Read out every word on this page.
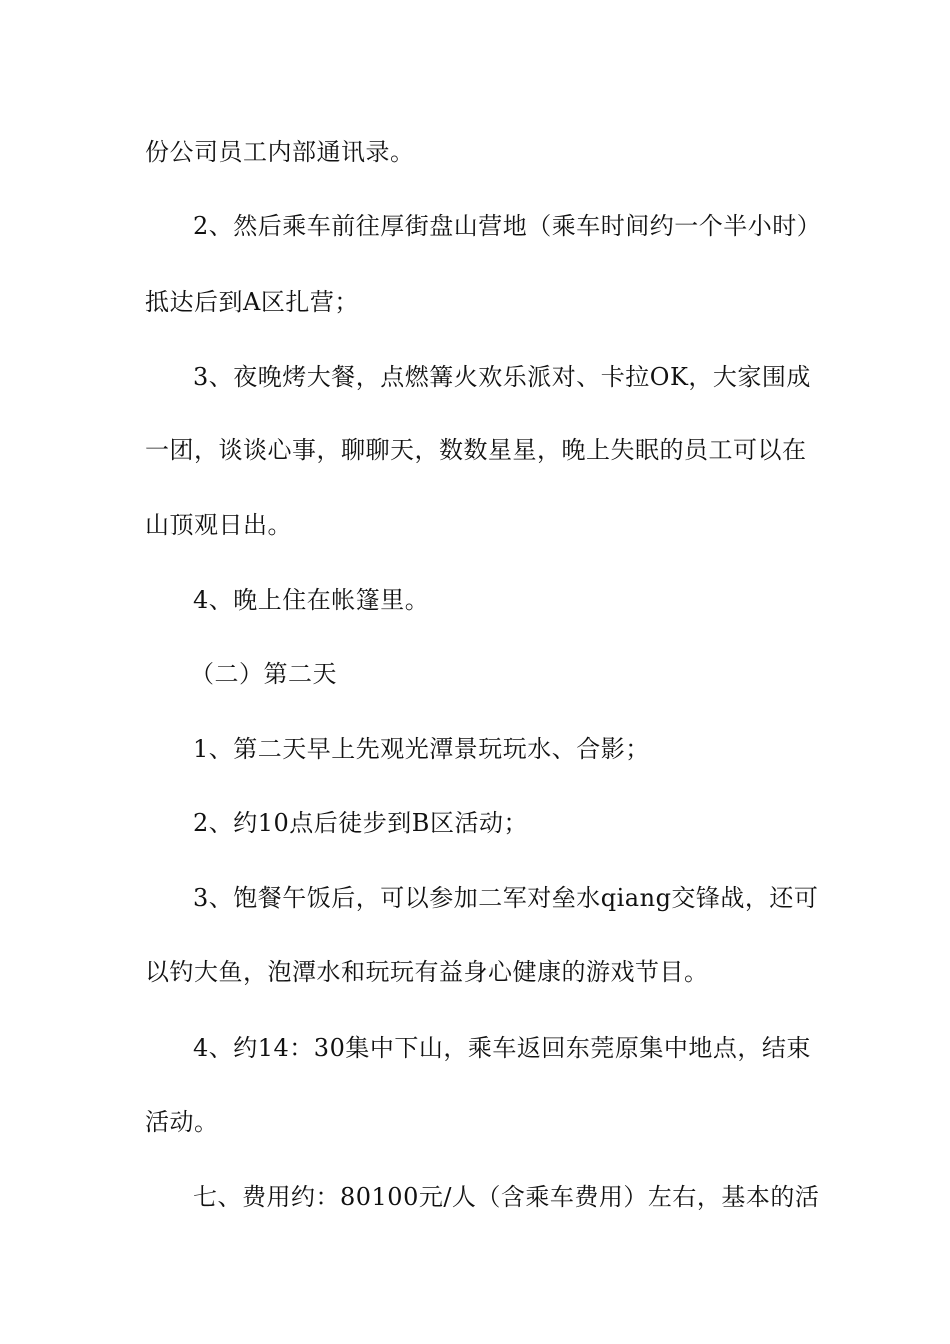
份公司员工内部通讯录。
2、然后乘车前往厚街盘山营地（乘车时间约一个半小时）
抵达后到A区扎营；
3、夜晚烤大餐，点燃篝火欢乐派对、卡拉OK，大家围成
一团，谈谈心事，聊聊天，数数星星，晚上失眠的员工可以在
山顶观日出。
4、晚上住在帐篷里。
（二）第二天
1、第二天早上先观光潭景玩玩水、合影；
2、约10点后徒步到B区活动；
3、饱餐午饭后，可以参加二军对垒水qiang交锋战，还可
以钓大鱼，泡潭水和玩玩有益身心健康的游戏节目。
4、约14：30集中下山，乘车返回东莞原集中地点，结束
活动。
七、费用约：80100元/人（含乘车费用）左右，基本的活
